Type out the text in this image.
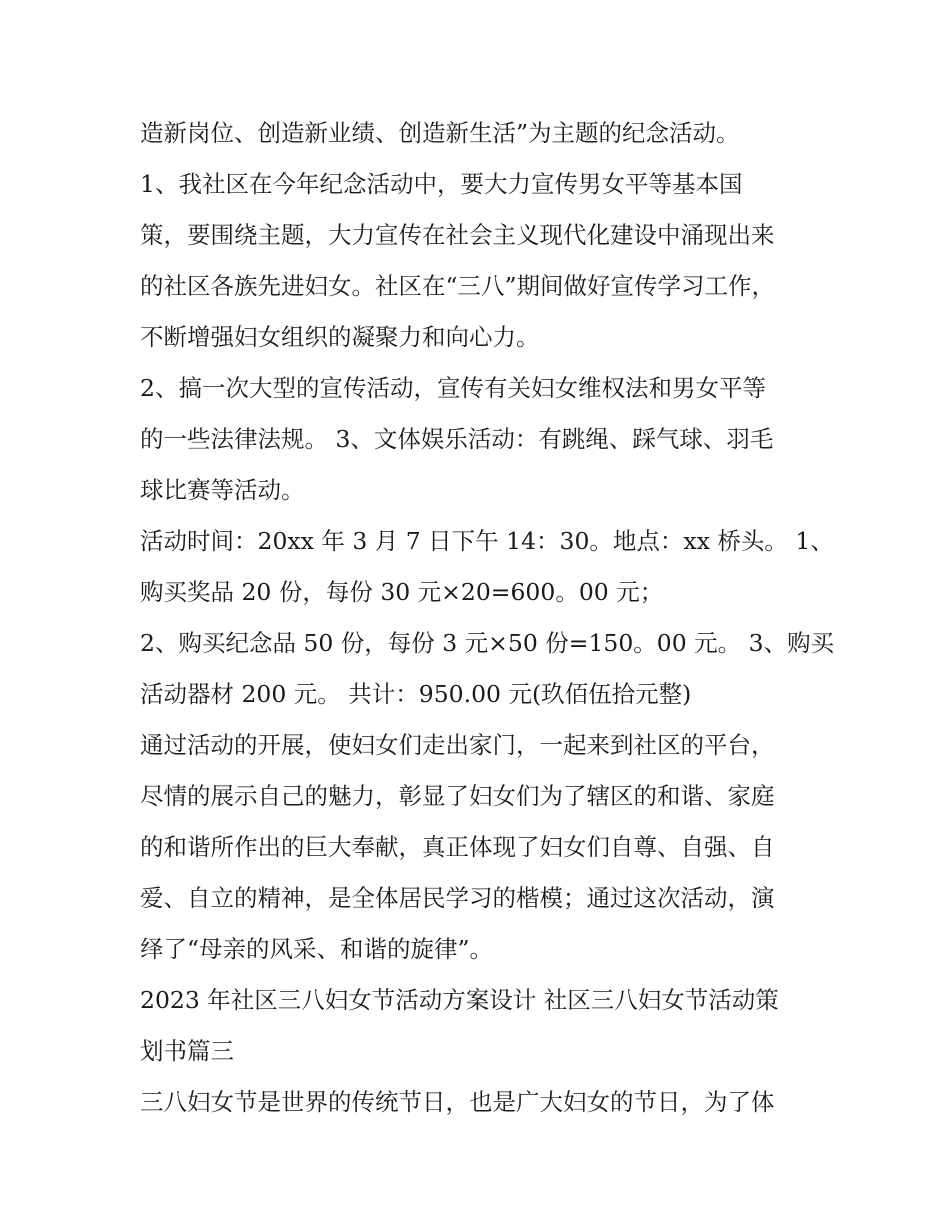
造新岗位、创造新业绩、创造新生活”为主题的纪念活动。
1、我社区在今年纪念活动中，要大力宣传男女平等基本国
策，要围绕主题，大力宣传在社会主义现代化建设中涌现出来
的社区各族先进妇女。社区在“三八”期间做好宣传学习工作，
不断增强妇女组织的凝聚力和向心力。
2、搞一次大型的宣传活动，宣传有关妇女维权法和男女平等
的一些法律法规。 3、文体娱乐活动：有跳绳、踩气球、羽毛
球比赛等活动。
活动时间：20xx 年 3 月 7 日下午 14：30。地点：xx 桥头。 1、
购买奖品 20 份，每份 30 元×20=600。00 元；
2、购买纪念品 50 份，每份 3 元×50 份=150。00 元。 3、购买
活动器材 200 元。 共计：950.00 元(玖佰伍拾元整)
通过活动的开展，使妇女们走出家门，一起来到社区的平台，
尽情的展示自己的魅力，彰显了妇女们为了辖区的和谐、家庭
的和谐所作出的巨大奉献，真正体现了妇女们自尊、自强、自
爱、自立的精神，是全体居民学习的楷模；通过这次活动，演
绎了“母亲的风采、和谐的旋律”。
2023 年社区三八妇女节活动方案设计 社区三八妇女节活动策
划书篇三
三八妇女节是世界的传统节日，也是广大妇女的节日，为了体
